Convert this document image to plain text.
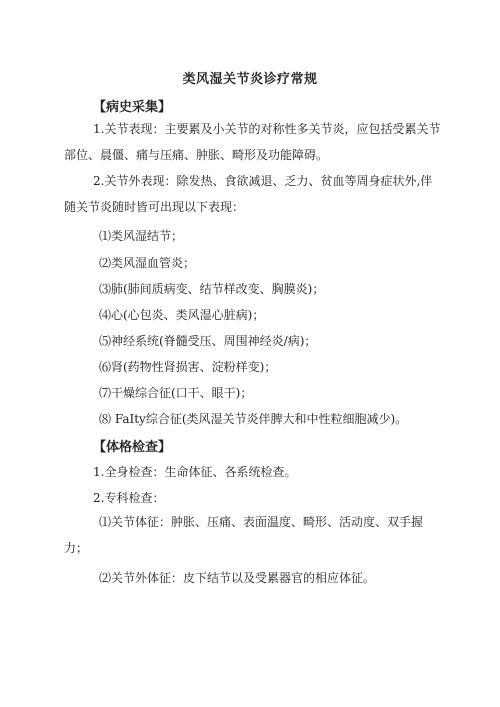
类风湿关节炎诊疗常规
【病史采集】
1.关节表现：主要累及小关节的对称性多关节炎，应包括受累关节部位、晨僵、痛与压痛、肿胀、畸形及功能障碍。
2.关节外表现：除发热、食欲减退、乏力、贫血等周身症状外,伴随关节炎随时皆可出现以下表现：
⑴类风湿结节；
⑵类风湿血管炎；
⑶肺(肺间质病变、结节样改变、胸膜炎)；
⑷心(心包炎、类风湿心脏病)；
⑸神经系统(脊髓受压、周围神经炎/病)；
⑹肾(药物性肾损害、淀粉样变)；
⑺干燥综合征(口干、眼干)；
⑻ FaIty综合征(类风湿关节炎伴脾大和中性粒细胞减少)。
【体格检查】
1.全身检查：生命体征、各系统检查。
2.专科检查：
⑴关节体征：肿胀、压痛、表面温度、畸形、活动度、双手握力；
⑵关节外体征：皮下结节以及受累器官的相应体征。
